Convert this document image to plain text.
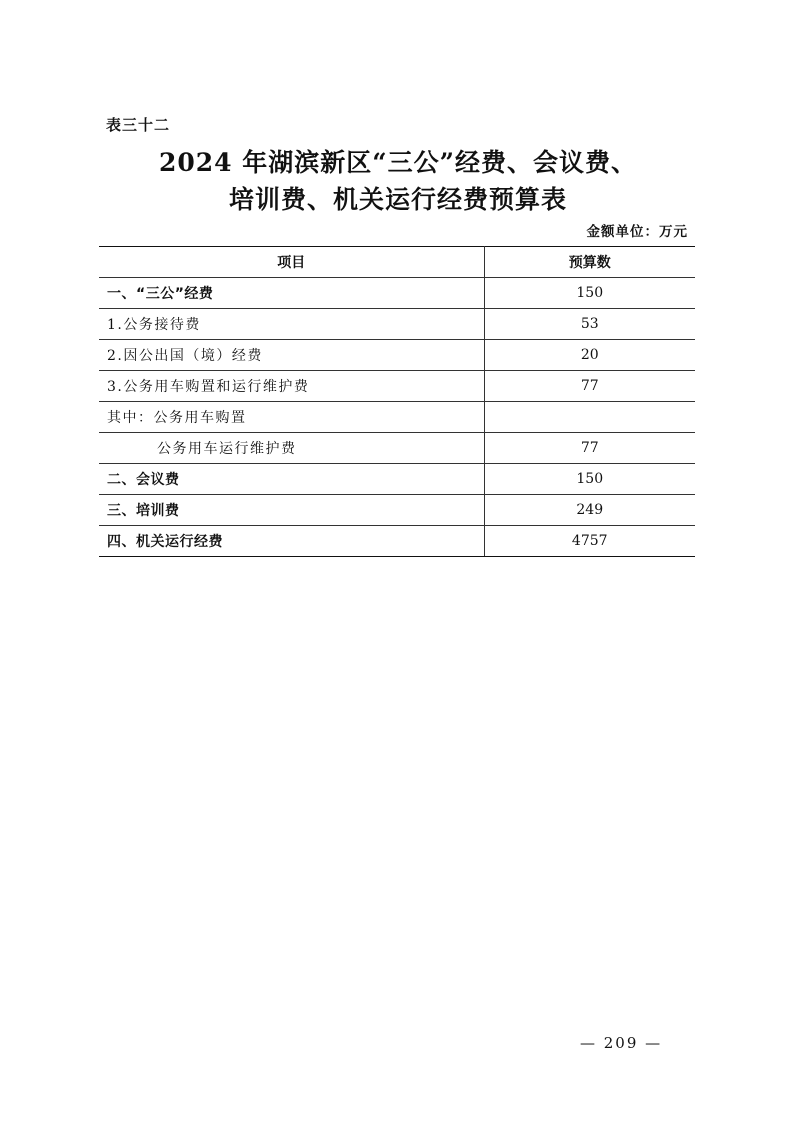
表三十二
2024 年湖滨新区“三公”经费、会议费、
培训费、机关运行经费预算表
金额单位：万元
项目	预算数
一、“三公”经费	150
1.公务接待费	53
2.因公出国（境）经费	20
3.公务用车购置和运行维护费	77
其中：公务用车购置	
公务用车运行维护费	77
二、会议费	150
三、培训费	249
四、机关运行经费	4757
— 209 —
